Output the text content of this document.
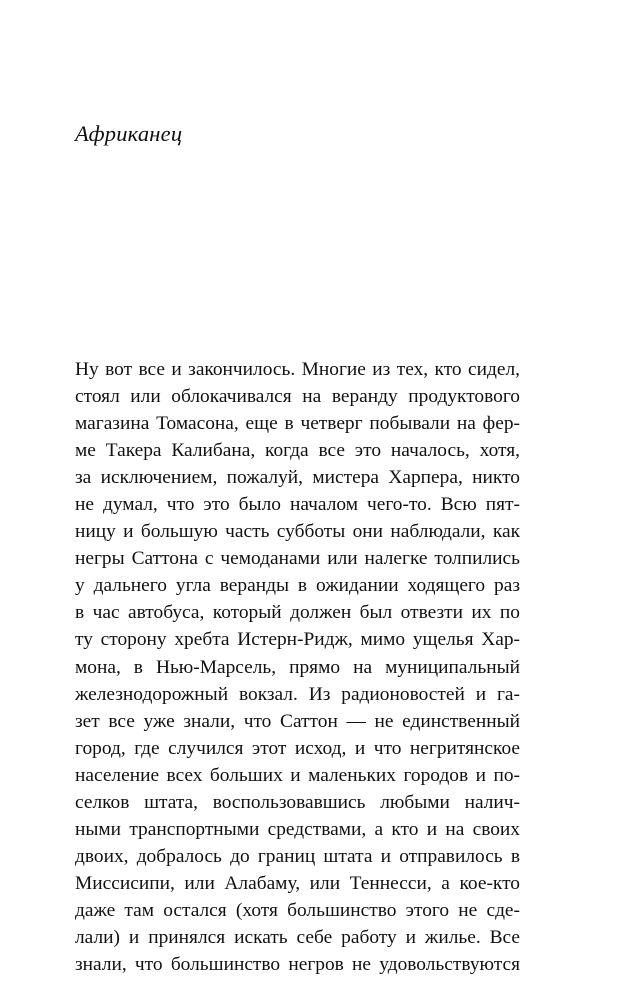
Африканец
Ну вот все и закончилось. Многие из тех, кто сидел,
стоял или облокачивался на веранду продуктового
магазина Томасона, еще в четверг побывали на фер-
ме Такера Калибана, когда все это началось, хотя,
за исключением, пожалуй, мистера Харпера, никто
не думал, что это было началом чего-то. Всю пят-
ницу и большую часть субботы они наблюдали, как
негры Саттона с чемоданами или налегке толпились
у дальнего угла веранды в ожидании ходящего раз
в час автобуса, который должен был отвезти их по
ту сторону хребта Истерн-Ридж, мимо ущелья Хар-
мона, в Нью-Марсель, прямо на муниципальный
железнодорожный вокзал. Из радионовостей и га-
зет все уже знали, что Саттон — не единственный
город, где случился этот исход, и что негритянское
население всех больших и маленьких городов и по-
селков штата, воспользовавшись любыми налич-
ными транспортными средствами, а кто и на своих
двоих, добралось до границ штата и отправилось в
Миссисипи, или Алабаму, или Теннесси, а кое-кто
даже там остался (хотя большинство этого не сде-
лали) и принялся искать себе работу и жилье. Все
знали, что большинство негров не удовольствуются
